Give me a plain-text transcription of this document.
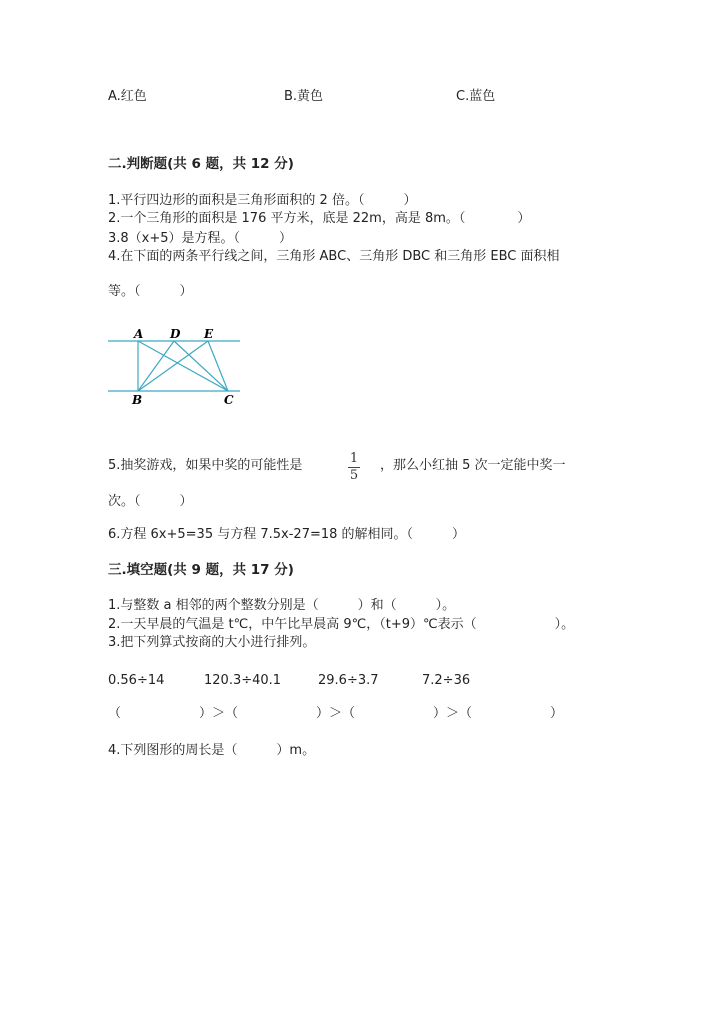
A.红色	B.黄色	C.蓝色
二.判断题(共 6 题，共 12 分)
1.平行四边形的面积是三角形面积的 2 倍。（　　　）
2.一个三角形的面积是 176 平方米，底是 22m，高是 8m。（　　　　）
3.8（x+5）是方程。（　　　）
4.在下面的两条平行线之间，三角形 ABC、三角形 DBC 和三角形 EBC 面积相
等。（　　　）
A D E
B	C
5.抽奖游戏，如果中奖的可能性是	1
5
，那么小红抽 5 次一定能中奖一
次。（　　　）
6.方程 6x+5=35 与方程 7.5x-27=18 的解相同。（　　　）
三.填空题(共 9 题，共 17 分)
1.与整数 a 相邻的两个整数分别是（　　　）和（　　　）。
2.一天早晨的气温是 t℃，中午比早晨高 9℃，（t+9）℃表示（　　　　　　）。
3.把下列算式按商的大小进行排列。
0.56÷14	120.3÷40.1	29.6÷3.7	7.2÷36
（　　　　　　）＞（　　　　　　）＞（　　　　　　）＞（　　　　　　）
4.下列图形的周长是（　　　）m。
